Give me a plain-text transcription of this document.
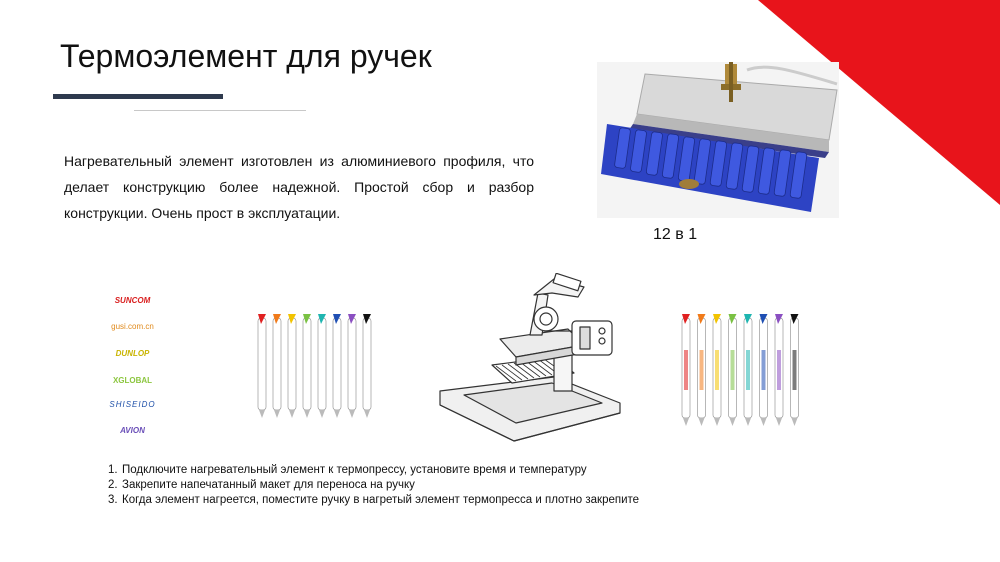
Термоэлемент для ручек
Нагревательный элемент изготовлен из алюминиевого профиля, что делает конструкцию более надежной. Простой сбор и разбор конструкции. Очень прост в эксплуатации.
12 в 1
SUNCOM
gusi.com.cn
DUNLOP
XGLOBAL
SHISEIDO
AVION
1. Подключите нагревательный элемент к термопрессу, установите время и температуру
2. Закрепите напечатанный макет для переноса на ручку
3. Когда элемент нагреется, поместите ручку в нагретый элемент термопресса и плотно закрепите
